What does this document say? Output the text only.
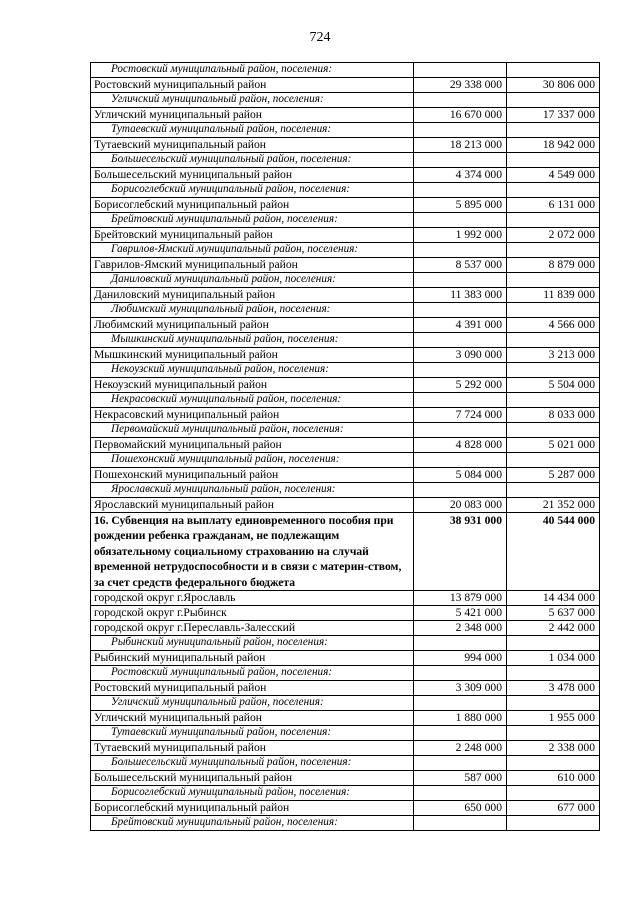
724
Ростовский муниципальный район, поселения:		
Ростовский муниципальный район	29 338 000	30 806 000
Угличский муниципальный район, поселения:		
Угличский муниципальный район	16 670 000	17 337 000
Тутаевский муниципальный район, поселения:		
Тутаевский муниципальный район	18 213 000	18 942 000
Большесельский муниципальный район, поселения:		
Большесельский муниципальный район	4 374 000	4 549 000
Борисоглебский муниципальный район, поселения:		
Борисоглебский муниципальный район	5 895 000	6 131 000
Брейтовский муниципальный район, поселения:		
Брейтовский муниципальный район	1 992 000	2 072 000
Гаврилов-Ямский муниципальный район, поселения:		
Гаврилов-Ямский муниципальный район	8 537 000	8 879 000
Даниловский муниципальный район, поселения:		
Даниловский муниципальный район	11 383 000	11 839 000
Любимский муниципальный район, поселения:		
Любимский муниципальный район	4 391 000	4 566 000
Мышкинский муниципальный район, поселения:		
Мышкинский муниципальный район	3 090 000	3 213 000
Некоузский муниципальный район, поселения:		
Некоузский муниципальный район	5 292 000	5 504 000
Некрасовский муниципальный район, поселения:		
Некрасовский муниципальный район	7 724 000	8 033 000
Первомайский муниципальный район, поселения:		
Первомайский муниципальный район	4 828 000	5 021 000
Пошехонский муниципальный район, поселения:		
Пошехонский муниципальный район	5 084 000	5 287 000
Ярославский муниципальный район, поселения:		
Ярославский муниципальный район	20 083 000	21 352 000
16. Субвенция на выплату единовременного пособия при рождении ребенка гражданам, не подлежащим обязательному социальному страхованию на случай временной нетрудоспособности и в связи с материн-ством, за счет средств федерального бюджета	38 931 000	40 544 000
городской округ г.Ярославль	13 879 000	14 434 000
городской округ г.Рыбинск	5 421 000	5 637 000
городской округ г.Переславль-Залесский	2 348 000	2 442 000
Рыбинский муниципальный район, поселения:		
Рыбинский муниципальный район	994 000	1 034 000
Ростовский муниципальный район, поселения:		
Ростовский муниципальный район	3 309 000	3 478 000
Угличский муниципальный район, поселения:		
Угличский муниципальный район	1 880 000	1 955 000
Тутаевский муниципальный район, поселения:		
Тутаевский муниципальный район	2 248 000	2 338 000
Большесельский муниципальный район, поселения:		
Большесельский муниципальный район	587 000	610 000
Борисоглебский муниципальный район, поселения:		
Борисоглебский муниципальный район	650 000	677 000
Брейтовский муниципальный район, поселения:		
